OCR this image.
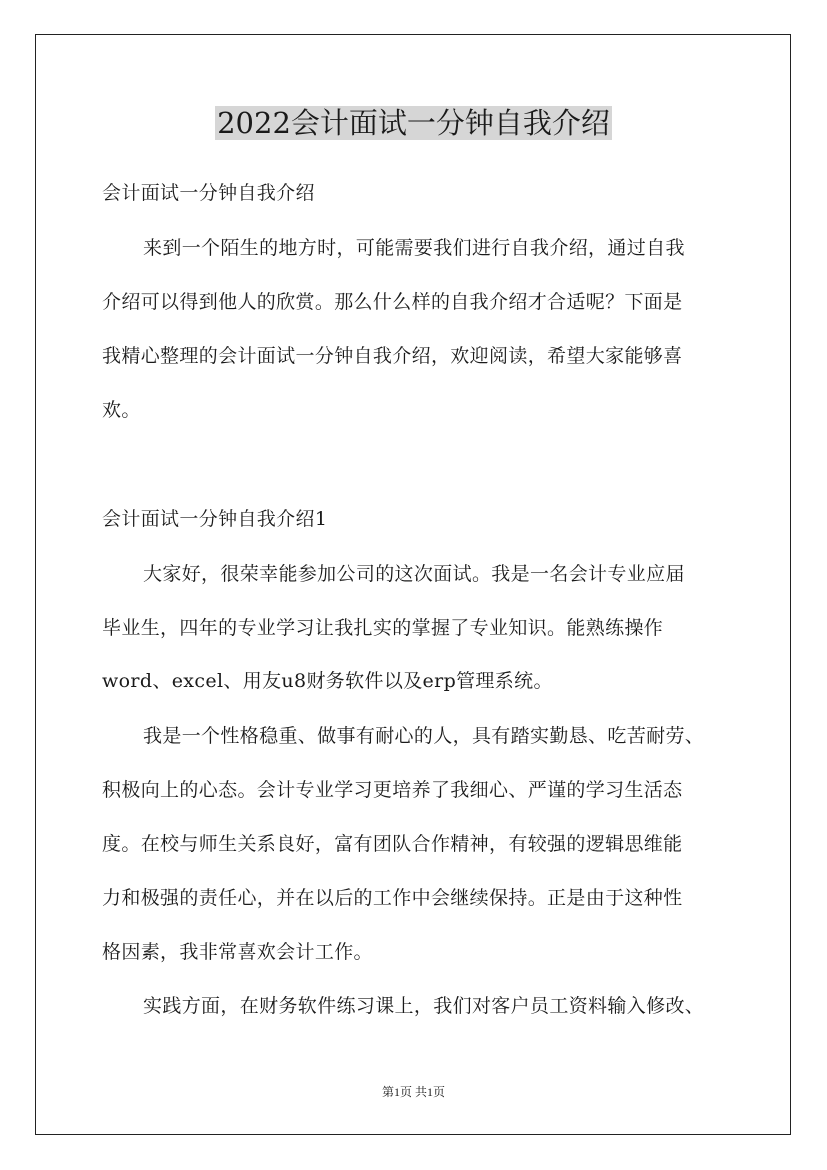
2022会计面试一分钟自我介绍
会计面试一分钟自我介绍
来到一个陌生的地方时，可能需要我们进行自我介绍，通过自我
介绍可以得到他人的欣赏。那么什么样的自我介绍才合适呢？下面是
我精心整理的会计面试一分钟自我介绍，欢迎阅读，希望大家能够喜
欢。
会计面试一分钟自我介绍1
大家好，很荣幸能参加公司的这次面试。我是一名会计专业应届
毕业生，四年的专业学习让我扎实的掌握了专业知识。能熟练操作
word、excel、用友u8财务软件以及erp管理系统。
我是一个性格稳重、做事有耐心的人，具有踏实勤恳、吃苦耐劳、
积极向上的心态。会计专业学习更培养了我细心、严谨的学习生活态
度。在校与师生关系良好，富有团队合作精神，有较强的逻辑思维能
力和极强的责任心，并在以后的工作中会继续保持。正是由于这种性
格因素，我非常喜欢会计工作。
实践方面，在财务软件练习课上，我们对客户员工资料输入修改、
第1页 共1页
